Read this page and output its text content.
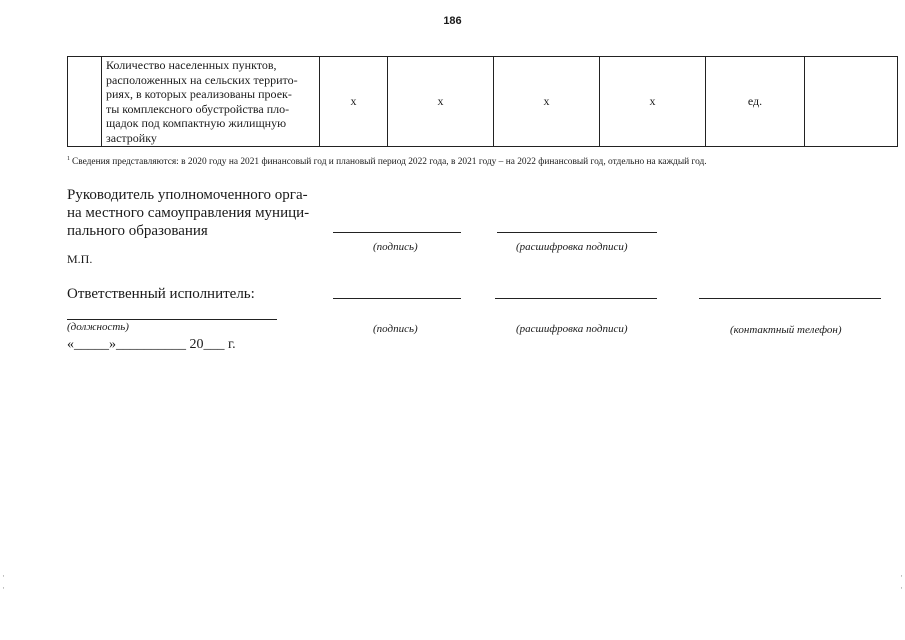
186

Количество населенных пунктов,
расположенных на сельских террито-
риях, в которых реализованы проек-
ты комплексного обустройства пло-
щадок под компактную жилищную
застройку
	х	х	х	х	ед.	
$^1$ Сведения представляются: в 2020 году на 2021 финансовый год и плановый период 2022 года, в 2021 году – на 2022 финансовый год, отдельно на каждый год.
Руководитель уполномоченного орга-
на местного самоуправления муници-
пального образования
(подпись)	(расшифровка подписи)
М.П.
Ответственный исполнитель:
(должность)	(подпись)	(расшифровка подписи)	(контактный телефон)
«_____»__________ 20___ г.
·
·
·
·
